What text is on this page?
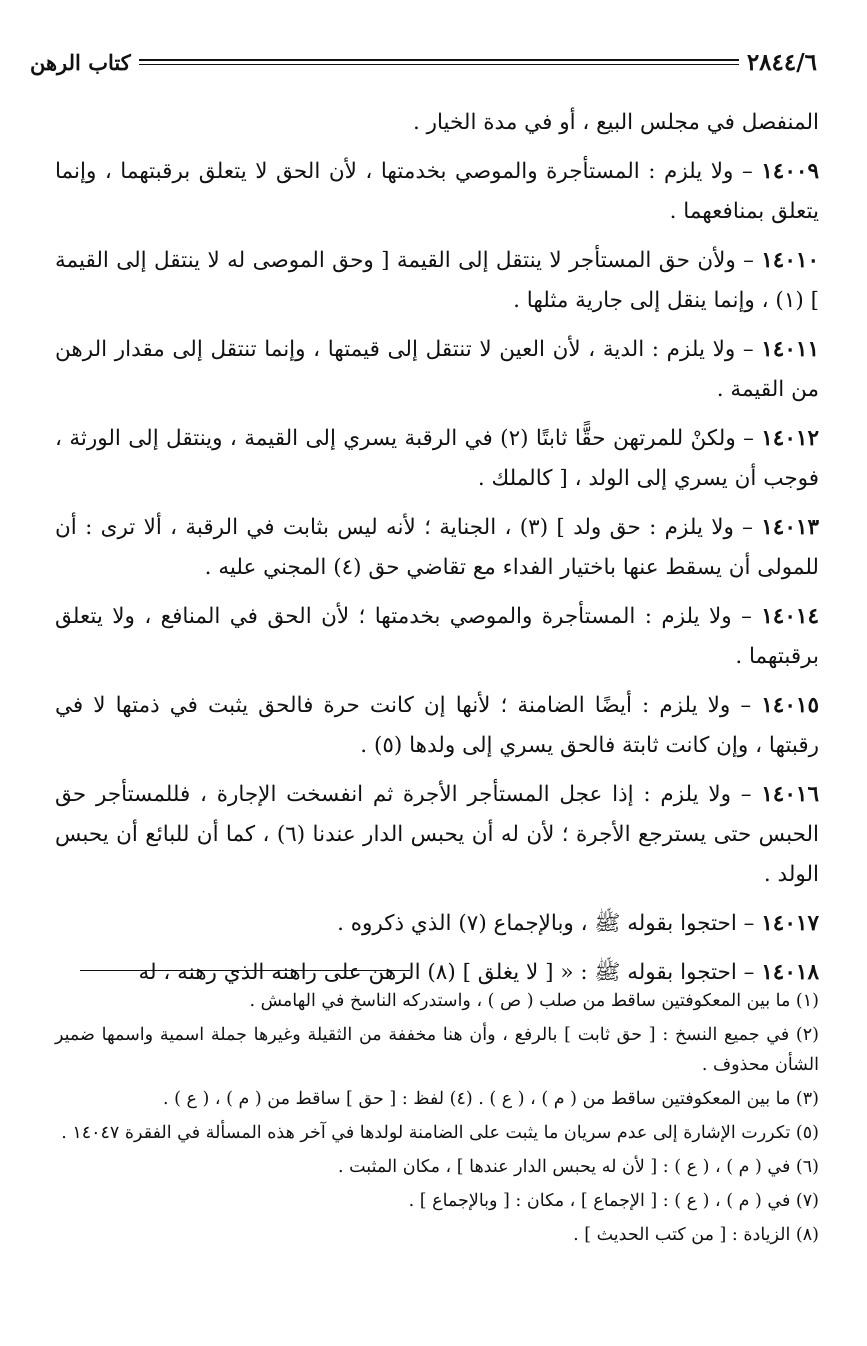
كتاب الرهن	٢٨٤٤/٦

المنفصل في مجلس البيع ، أو في مدة الخيار .

١٤٠٠٩ – ولا يلزم : المستأجرة والموصي بخدمتها ، لأن الحق لا يتعلق برقبتهما ، وإنما يتعلق بمنافعهما .

١٤٠١٠ – ولأن حق المستأجر لا ينتقل إلى القيمة [ وحق الموصى له لا ينتقل إلى القيمة ] (١) ، وإنما ينقل إلى جارية مثلها .

١٤٠١١ – ولا يلزم : الدية ، لأن العين لا تنتقل إلى قيمتها ، وإنما تنتقل إلى مقدار الرهن من القيمة .

١٤٠١٢ – ولكنْ للمرتهن حقًّا ثابتًا (٢) في الرقبة يسري إلى القيمة ، وينتقل إلى الورثة ، فوجب أن يسري إلى الولد ، [ كالملك .

١٤٠١٣ – ولا يلزم : حق ولد ] (٣) ، الجناية ؛ لأنه ليس بثابت في الرقبة ، ألا ترى : أن للمولى أن يسقط عنها باختيار الفداء مع تقاضي حق (٤) المجني عليه .

١٤٠١٤ – ولا يلزم : المستأجرة والموصي بخدمتها ؛ لأن الحق في المنافع ، ولا يتعلق برقبتهما .

١٤٠١٥ – ولا يلزم : أيضًا الضامنة ؛ لأنها إن كانت حرة فالحق يثبت في ذمتها لا في رقبتها ، وإن كانت ثابتة فالحق يسري إلى ولدها (٥) .

١٤٠١٦ – ولا يلزم : إذا عجل المستأجر الأجرة ثم انفسخت الإجارة ، فللمستأجر حق الحبس حتى يسترجع الأجرة ؛ لأن له أن يحبس الدار عندنا (٦) ، كما أن للبائع أن يحبس الولد .

١٤٠١٧ – احتجوا بقوله ﷺ ، وبالإجماع (٧) الذي ذكروه .

١٤٠١٨ – احتجوا بقوله ﷺ : « [ لا يغلق ] (٨) الرهن على راهنه الذي رهنه ، له

(١) ما بين المعكوفتين ساقط من صلب ( ص ) ، واستدركه الناسخ في الهامش .

(٢) في جميع النسخ : [ حق ثابت ] بالرفع ، وأن هنا مخففة من الثقيلة وغيرها جملة اسمية واسمها ضمير الشأن محذوف .

(٣) ما بين المعكوفتين ساقط من ( م ) ، ( ع ) . (٤) لفظ : [ حق ] ساقط من ( م ) ، ( ع ) .

(٥) تكررت الإشارة إلى عدم سريان ما يثبت على الضامنة لولدها في آخر هذه المسألة في الفقرة ١٤٠٤٧ .

(٦) في ( م ) ، ( ع ) : [ لأن له يحبس الدار عندها ] ، مكان المثبت .

(٧) في ( م ) ، ( ع ) : [ الإجماع ] ، مكان : [ وبالإجماع ] .

(٨) الزيادة : [ من كتب الحديث ] .
